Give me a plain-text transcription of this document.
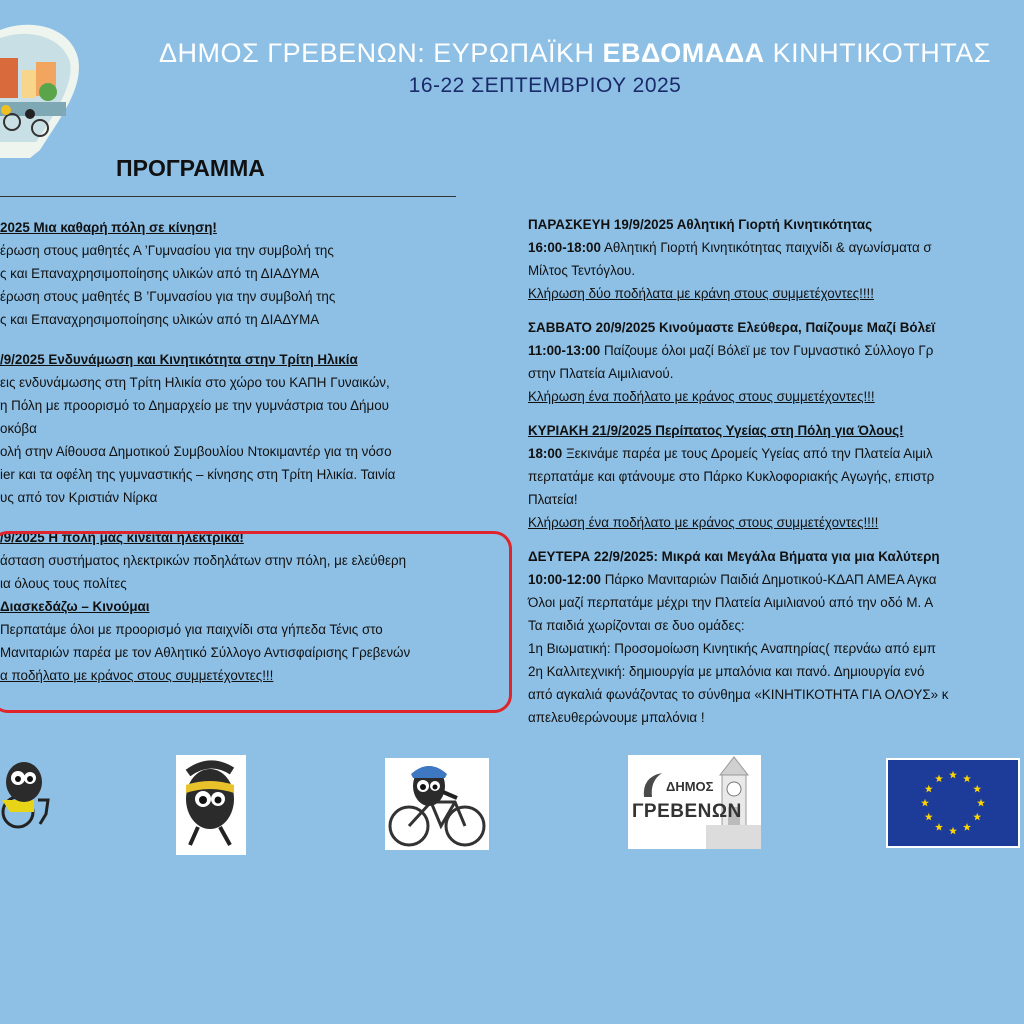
ΔΗΜΟΣ ΓΡΕΒΕΝΩΝ: ΕΥΡΩΠΑΪΚΗ ΕΒΔΟΜΑΔΑ ΚΙΝΗΤΙΚΟΤΗΤΑΣ
16-22 ΣΕΠΤΕΜΒΡΙΟΥ 2025
ΠΡΟΓΡΑΜΜΑ

2025 Μια καθαρή πόλη σε κίνηση!

έρωση στους μαθητές Α ’Γυμνασίου για την συμβολή της

ς και Επαναχρησιμοποίησης υλικών από τη ΔΙΑΔΥΜΑ

έρωση στους μαθητές Β ’Γυμνασίου για την συμβολή της

ς και Επαναχρησιμοποίησης υλικών από τη ΔΙΑΔΥΜΑ

/9/2025 Ενδυνάμωση και Κινητικότητα στην Τρίτη Ηλικία

εις ενδυνάμωσης στη Τρίτη Ηλικία στο χώρο του ΚΑΠΗ Γυναικών,

η Πόλη με προορισμό το Δημαρχείο με την γυμνάστρια του Δήμου

οκόβα

ολή στην Αίθουσα Δημοτικού Συμβουλίου Ντοκιμαντέρ για τη νόσο

ier και τα οφέλη της γυμναστικής – κίνησης στη Τρίτη Ηλικία. Ταινία

υς από τον Κριστιάν Νίρκα

/9/2025 Η πόλη μας κινείται ηλεκτρικά!

άσταση συστήματος ηλεκτρικών ποδηλάτων στην πόλη, με ελεύθερη

ια όλους τους πολίτες

Διασκεδάζω – Κινούμαι

Περπατάμε όλοι με προορισμό για παιχνίδι στα γήπεδα Τένις στο

Μανιταριών παρέα με τον Αθλητικό Σύλλογο Αντισφαίρισης Γρεβενών

α ποδήλατο με κράνος στους συμμετέχοντες!!!

ΠΑΡΑΣΚΕΥΗ 19/9/2025 Αθλητική Γιορτή Κινητικότητας

16:00-18:00 Αθλητική Γιορτή Κινητικότητας παιχνίδι & αγωνίσματα σ

Μίλτος Τεντόγλου.

Κλήρωση δύο ποδήλατα με κράνη στους συμμετέχοντες!!!!

ΣΑΒΒΑΤΟ 20/9/2025 Κινούμαστε Ελεύθερα, Παίζουμε Μαζί Βόλεϊ

11:00-13:00 Παίζουμε όλοι μαζί Βόλεϊ με τον Γυμναστικό Σύλλογο Γρ

στην Πλατεία Αιμιλιανού.

Κλήρωση ένα ποδήλατο με κράνος στους συμμετέχοντες!!!

ΚΥΡΙΑΚΗ 21/9/2025 Περίπατος Υγείας στη Πόλη για Όλους!

18:00 Ξεκινάμε παρέα με τους Δρομείς Υγείας από την Πλατεία Αιμιλ

περπατάμε και φτάνουμε στο Πάρκο Κυκλοφοριακής Αγωγής, επιστρ

Πλατεία!

Κλήρωση ένα ποδήλατο με κράνος στους συμμετέχοντες!!!!

ΔΕΥΤΕΡΑ 22/9/2025: Μικρά και Μεγάλα Βήματα για μια Καλύτερη

10:00-12:00 Πάρκο Μανιταριών Παιδιά Δημοτικού-ΚΔΑΠ ΑΜΕΑ Αγκα

Όλοι μαζί περπατάμε μέχρι την Πλατεία Αιμιλιανού από την οδό Μ. Α

Τα παιδιά χωρίζονται σε δυο ομάδες:

1η Βιωματική: Προσομοίωση Κινητικής Αναπηρίας( περνάω από εμπ

2η Καλλιτεχνική: δημιουργία με μπαλόνια και πανό. Δημιουργία ενό

από αγκαλιά φωνάζοντας το σύνθημα «ΚΙΝΗΤΙΚΟΤΗΤΑ ΓΙΑ ΟΛΟΥΣ» κ

απελευθερώνουμε μπαλόνια !

ΔΗΜΟΣ
ΓΡΕΒΕΝΩΝ
